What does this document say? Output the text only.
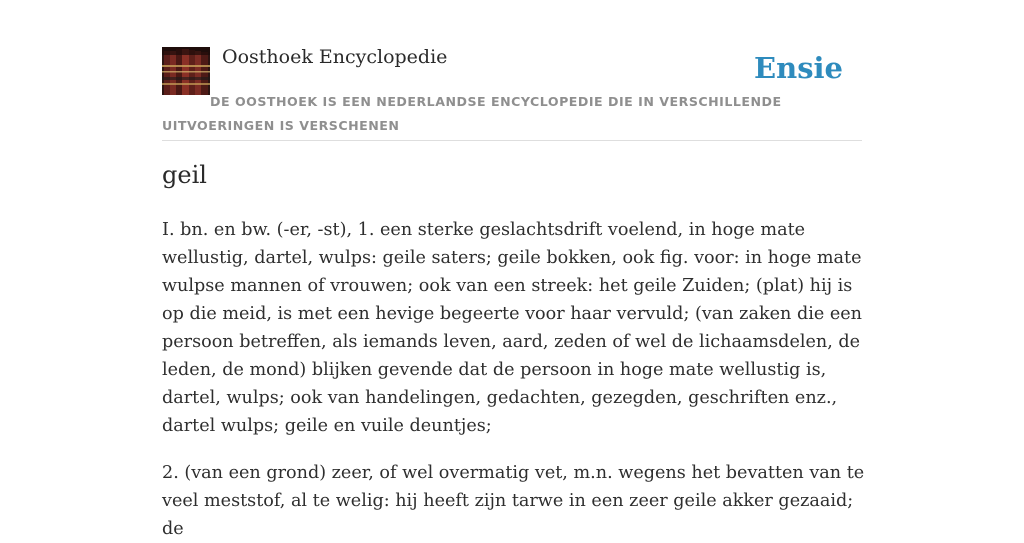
Oosthoek Encyclopedie	Ensie
DE OOSTHOEK IS EEN NEDERLANDSE ENCYCLOPEDIE DIE IN VERSCHILLENDE UITVOERINGEN IS VERSCHENEN
geil

I. bn. en bw. (-er, -st), 1. een sterke geslachtsdrift voelend, in hoge mate wellustig, dartel, wulps: geile saters; geile bokken, ook fig. voor: in hoge mate wulpse mannen of vrouwen; ook van een streek: het geile Zuiden; (plat) hij is op die meid, is met een hevige begeerte voor haar vervuld; (van zaken die een persoon betreffen, als iemands leven, aard, zeden of wel de lichaamsdelen, de leden, de mond) blijken gevende dat de persoon in hoge mate wellustig is, dartel, wulps; ook van handelingen, gedachten, gezegden, geschriften enz., dartel wulps; geile en vuile deuntjes;

2. (van een grond) zeer, of wel overmatig vet, m.n. wegens het bevatten van te veel meststof, al te welig: hij heeft zijn tarwe in een zeer geile akker gezaaid; de
